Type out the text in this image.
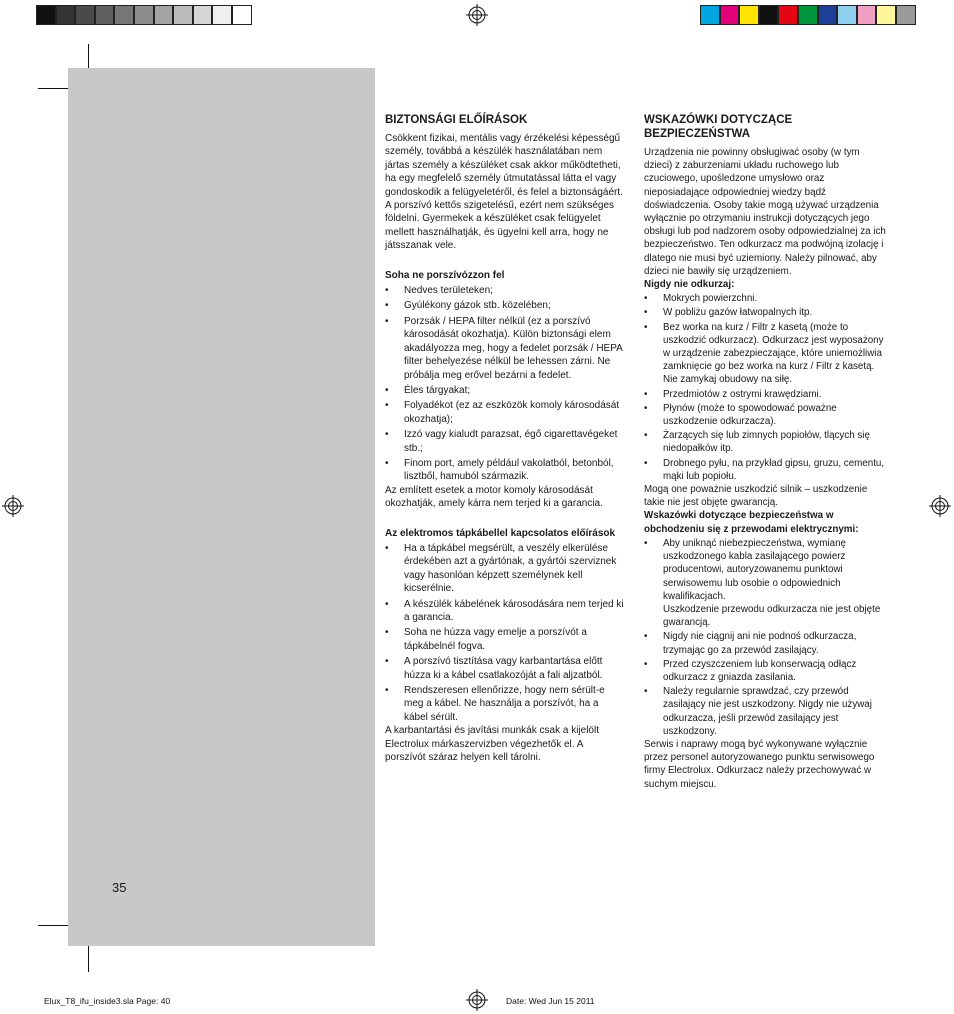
BIZTONSÁGI ELŐÍRÁSOK

Csökkent fizikai, mentális vagy érzékelési képességű személy, továbbá a készülék használatában nem jártas személy a készüléket csak akkor működtetheti, ha egy megfelelő személy útmutatással látta el vagy gondoskodik a felügyeletéről, és felel a biztonságáért. A porszívó kettős szigetelésű, ezért nem szükséges földelni. Gyermekek a készüléket csak felügyelet mellett használhatják, és ügyelni kell arra, hogy ne játsszanak vele.

Soha ne porszívózzon fel

• Nedves területeken;
• Gyúlékony gázok stb. közelében;
• Porzsák / HEPA filter nélkül (ez a porszívó károsodását okozhatja). Külön biztonsági elem akadályozza meg, hogy a fedelet porzsák / HEPA filter behelyezése nélkül be lehessen zárni. Ne próbálja meg erővel bezárni a fedelet.
• Éles tárgyakat;
• Folyadékot (ez az eszközök komoly károsodását okozhatja);
• Izzó vagy kialudt parazsat, égő cigarettavégeket stb.;
• Finom port, amely például vakolatból, betonból, lisztből, hamuból származik.

Az említett esetek a motor komoly károsodását okozhatják, amely kárra nem terjed ki a garancia.

Az elektromos tápkábellel kapcsolatos előírások

• Ha a tápkábel megsérült, a veszély elkerülése érdekében azt a gyártónak, a gyártói szerviznek vagy hasonlóan képzett személynek kell kicserélnie.
• A készülék kábelének károsodására nem terjed ki a garancia.
• Soha ne húzza vagy emelje a porszívót a tápkábelnél fogva.
• A porszívó tisztítása vagy karbantartása előtt húzza ki a kábel csatlakozóját a fali aljzatból.
• Rendszeresen ellenőrizze, hogy nem sérült-e meg a kábel. Ne használja a porszívót, ha a kábel sérült.

A karbantartási és javítási munkák csak a kijelölt Electrolux márkaszervizben végezhetők el. A porszívót száraz helyen kell tárolni.

WSKAZÓWKI DOTYCZĄCE BEZPIECZEŃSTWA

Urządzenia nie powinny obsługiwać osoby (w tym dzieci) z zaburzeniami układu ruchowego lub czuciowego, upośledzone umysłowo oraz nieposiadające odpowiedniej wiedzy bądź doświadczenia. Osoby takie mogą używać urządzenia wyłącznie po otrzymaniu instrukcji dotyczących jego obsługi lub pod nadzorem osoby odpowiedzialnej za ich bezpieczeństwo. Ten odkurzacz ma podwójną izolację i dlatego nie musi być uziemiony. Należy pilnować, aby dzieci nie bawiły się urządzeniem.

Nigdy nie odkurzaj:

• Mokrych powierzchni.
• W pobliżu gazów łatwopalnych itp.
• Bez worka na kurz / Filtr z kasetą (może to uszkodzić odkurzacz). Odkurzacz jest wyposażony w urządzenie zabezpieczające, które uniemożliwia zamknięcie go bez worka na kurz / Filtr z kasetą. Nie zamykaj obudowy na siłę.
• Przedmiotów z ostrymi krawędziami.
• Płynów (może to spowodować poważne uszkodzenie odkurzacza).
• Żarzących się lub zimnych popiołów, tlących się niedopałków itp.
• Drobnego pyłu, na przykład gipsu, gruzu, cementu, mąki lub popiołu.

Mogą one poważnie uszkodzić silnik – uszkodzenie takie nie jest objęte gwarancją.

Wskazówki dotyczące bezpieczeństwa w obchodzeniu się z przewodami elektrycznymi:

• Aby uniknąć niebezpieczeństwa, wymianę uszkodzonego kabla zasilającego powierz producentowi, autoryzowanemu punktowi serwisowemu lub osobie o odpowiednich kwalifikacjach.
Uszkodzenie przewodu odkurzacza nie jest objęte gwarancją.
• Nigdy nie ciągnij ani nie podnoś odkurzacza, trzymając go za przewód zasilający.
• Przed czyszczeniem lub konserwacją odłącz odkurzacz z gniazda zasilania.
• Należy regularnie sprawdzać, czy przewód zasilający nie jest uszkodzony. Nigdy nie używaj odkurzacza, jeśli przewód zasilający jest uszkodzony.

Serwis i naprawy mogą być wykonywane wyłącznie przez personel autoryzowanego punktu serwisowego firmy Electrolux. Odkurzacz należy przechowywać w suchym miejscu.

35
Elux_T8_ifu_inside3.sla Page: 40	Date: Wed Jun 15 2011
